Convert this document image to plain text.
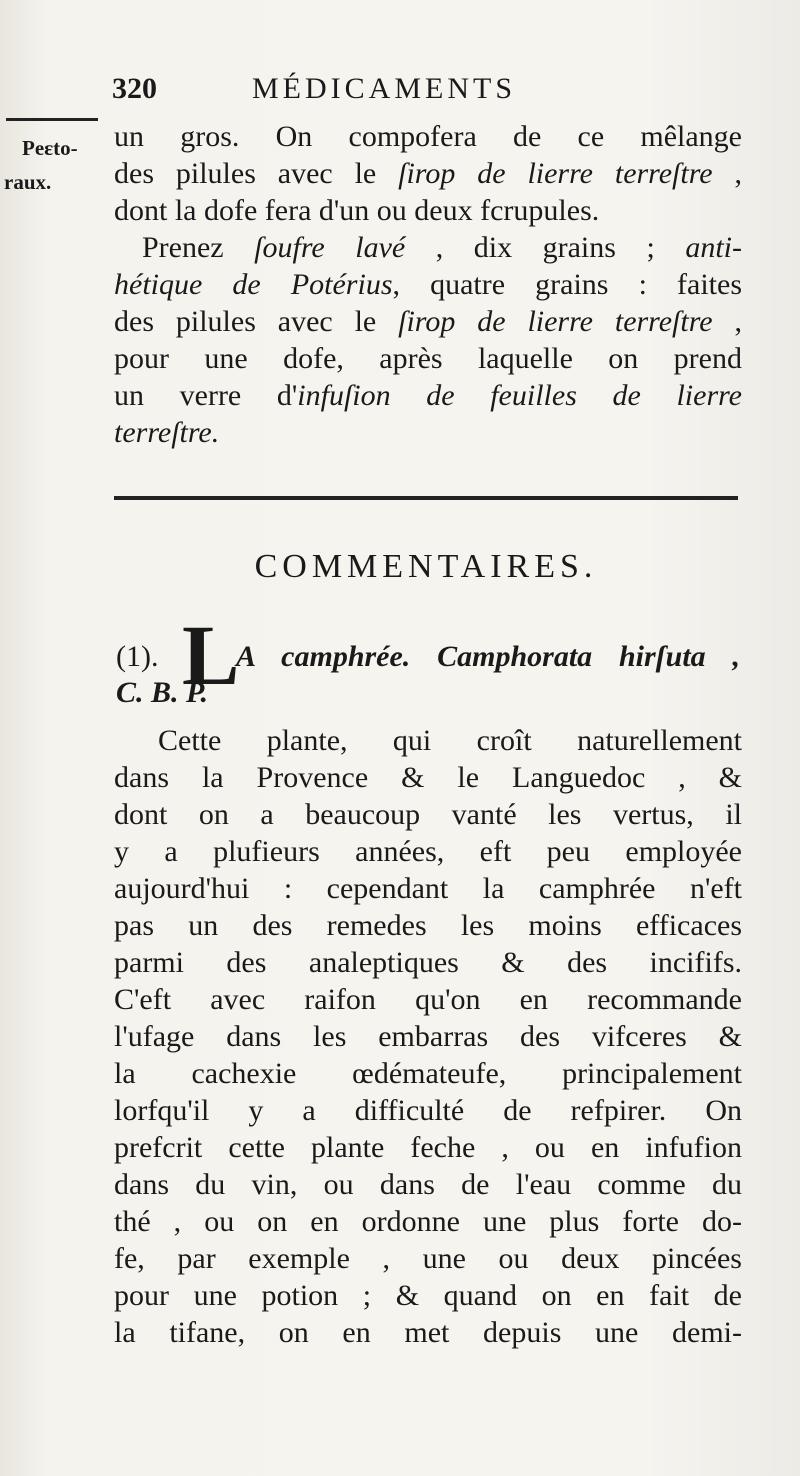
320	MÉDICAMENTS
Peɛto-
raux.
un gros. On compofera de ce mêlange
des pilules avec le ſirop de lierre terreſtre ,
dont la dofe fera d'un ou deux fcrupules.
Prenez ſoufre lavé , dix grains ; anti-
hétique de Potérius, quatre grains : faites
des pilules avec le ſirop de lierre terreſtre ,
pour une dofe, après laquelle on prend
un verre d'infuſion de feuilles de lierre
terreſtre.
COMMENTAIRES.
(1). L
A camphrée. Camphorata hirſuta ,
C. B. P.
Cette plante, qui croît naturellement
dans la Provence & le Languedoc , &
dont on a beaucoup vanté les vertus, il
y a plufieurs années, eft peu employée
aujourd'hui : cependant la camphrée n'eft
pas un des remedes les moins efficaces
parmi des analeptiques & des incififs.
C'eft avec raifon qu'on en recommande
l'ufage dans les embarras des vifceres &
la cachexie œdémateufe, principalement
lorfqu'il y a difficulté de refpirer. On
prefcrit cette plante feche , ou en infufion
dans du vin, ou dans de l'eau comme du
thé , ou on en ordonne une plus forte do-
fe, par exemple , une ou deux pincées
pour une potion ; & quand on en fait de
la tifane, on en met depuis une demi-
